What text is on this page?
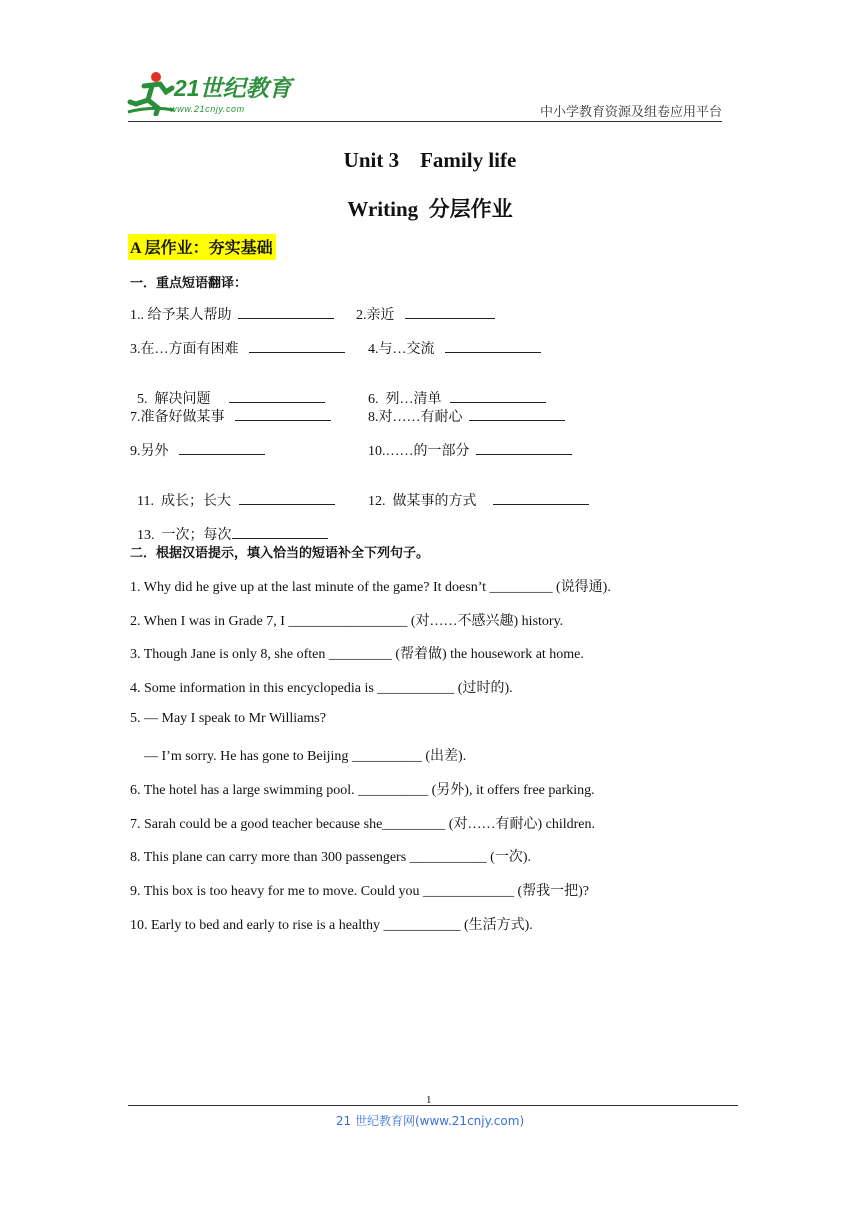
21世纪教育
www.21cnjy.com	中小学教育资源及组卷应用平台
Unit 3    Family life
Writing  分层作业
A 层作业：夯实基础
一．重点短语翻译：
1.. 给予某人帮助	2.亲近
3.在…方面有困难	4.与…交流

5.  解决问题	6.  列…清单

7.准备好做某事	8.对……有耐心
9.另外	10.……的一部分

11.  成长；长大	12.  做某事的方式

13.  一次；每次

二．根据汉语提示，填入恰当的短语补全下列句子。
1. Why did he give up at the last minute of the game? It doesn’t _________ (说得通).
2. When I was in Grade 7, I _________________ (对……不感兴趣) history.
3. Though Jane is only 8, she often _________ (帮着做) the housework at home.
4. Some information in this encyclopedia is ___________ (过时的).
5. — May I speak to Mr Williams?
— I’m sorry. He has gone to Beijing __________ (出差).
6. The hotel has a large swimming pool. __________ (另外), it offers free parking.
7. Sarah could be a good teacher because she_________ (对……有耐心) children.
8. This plane can carry more than 300 passengers ___________ (一次).
9. This box is too heavy for me to move. Could you _____________ (帮我一把)?
10. Early to bed and early to rise is a healthy ___________ (生活方式).
1
21 世纪教育网(www.21cnjy.com)
